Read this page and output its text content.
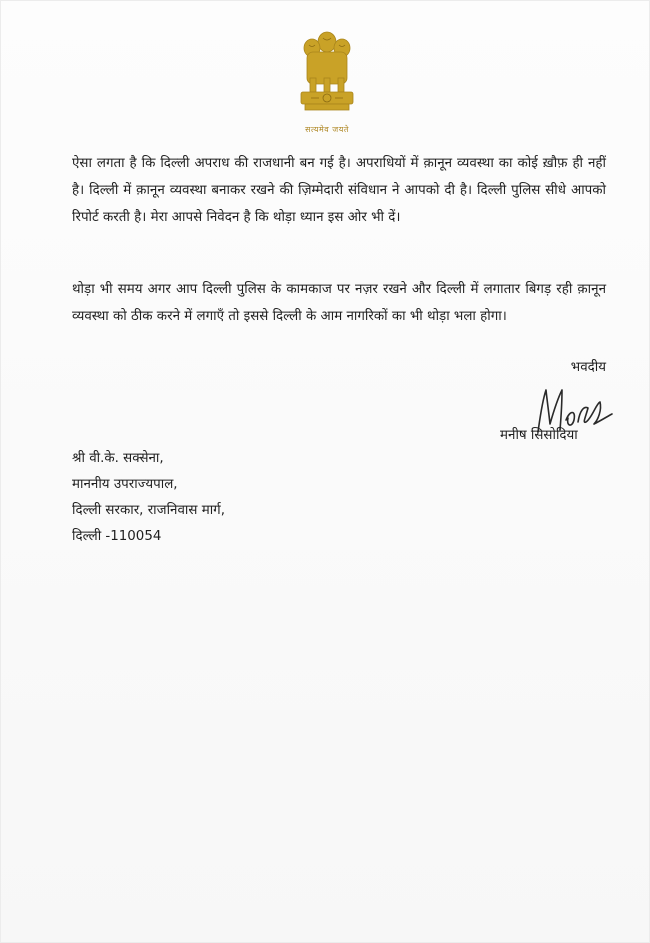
सत्यमेव जयते
ऐसा लगता है कि दिल्ली अपराध की राजधानी बन गई है। अपराधियों में क़ानून व्यवस्था का कोई ख़ौफ़ ही नहीं है। दिल्ली में क़ानून व्यवस्था बनाकर रखने की ज़िम्मेदारी संविधान ने आपको दी है। दिल्ली पुलिस सीधे आपको रिपोर्ट करती है। मेरा आपसे निवेदन है कि थोड़ा ध्यान इस ओर भी दें।
थोड़ा भी समय अगर आप दिल्ली पुलिस के कामकाज पर नज़र रखने और दिल्ली में लगातार बिगड़ रही क़ानून व्यवस्था को ठीक करने में लगाएँ तो इससे दिल्ली के आम नागरिकों का भी थोड़ा भला होगा।
भवदीय
मनीष सिसोदिया
श्री वी.के. सक्सेना,
माननीय उपराज्यपाल,
दिल्ली सरकार, राजनिवास मार्ग,
दिल्ली -110054
